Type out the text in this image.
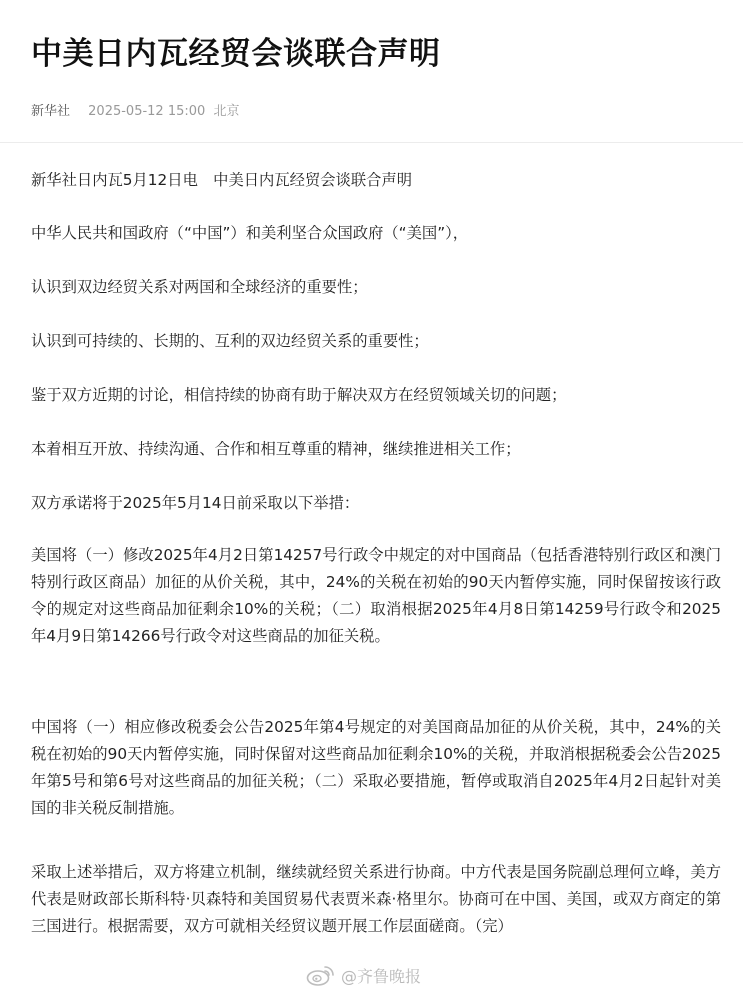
中美日内瓦经贸会谈联合声明
新华社 2025-05-12 15:00 北京

新华社日内瓦5月12日电　中美日内瓦经贸会谈联合声明

中华人民共和国政府（“中国”）和美利坚合众国政府（“美国”），

认识到双边经贸关系对两国和全球经济的重要性；

认识到可持续的、长期的、互利的双边经贸关系的重要性；

鉴于双方近期的讨论，相信持续的协商有助于解决双方在经贸领域关切的问题；

本着相互开放、持续沟通、合作和相互尊重的精神，继续推进相关工作；

双方承诺将于2025年5月14日前采取以下举措：

美国将（一）修改2025年4月2日第14257号行政令中规定的对中国商品（包括香港特别行政区和澳门特别行政区商品）加征的从价关税，其中，24%的关税在初始的90天内暂停实施，同时保留按该行政令的规定对这些商品加征剩余10%的关税；（二）取消根据2025年4月8日第14259号行政令和2025年4月9日第14266号行政令对这些商品的加征关税。

中国将（一）相应修改税委会公告2025年第4号规定的对美国商品加征的从价关税，其中，24%的关税在初始的90天内暂停实施，同时保留对这些商品加征剩余10%的关税，并取消根据税委会公告2025年第5号和第6号对这些商品的加征关税；（二）采取必要措施，暂停或取消自2025年4月2日起针对美国的非关税反制措施。

采取上述举措后，双方将建立机制，继续就经贸关系进行协商。中方代表是国务院副总理何立峰，美方代表是财政部长斯科特·贝森特和美国贸易代表贾米森·格里尔。协商可在中国、美国，或双方商定的第三国进行。根据需要，双方可就相关经贸议题开展工作层面磋商。（完）

@齐鲁晚报
